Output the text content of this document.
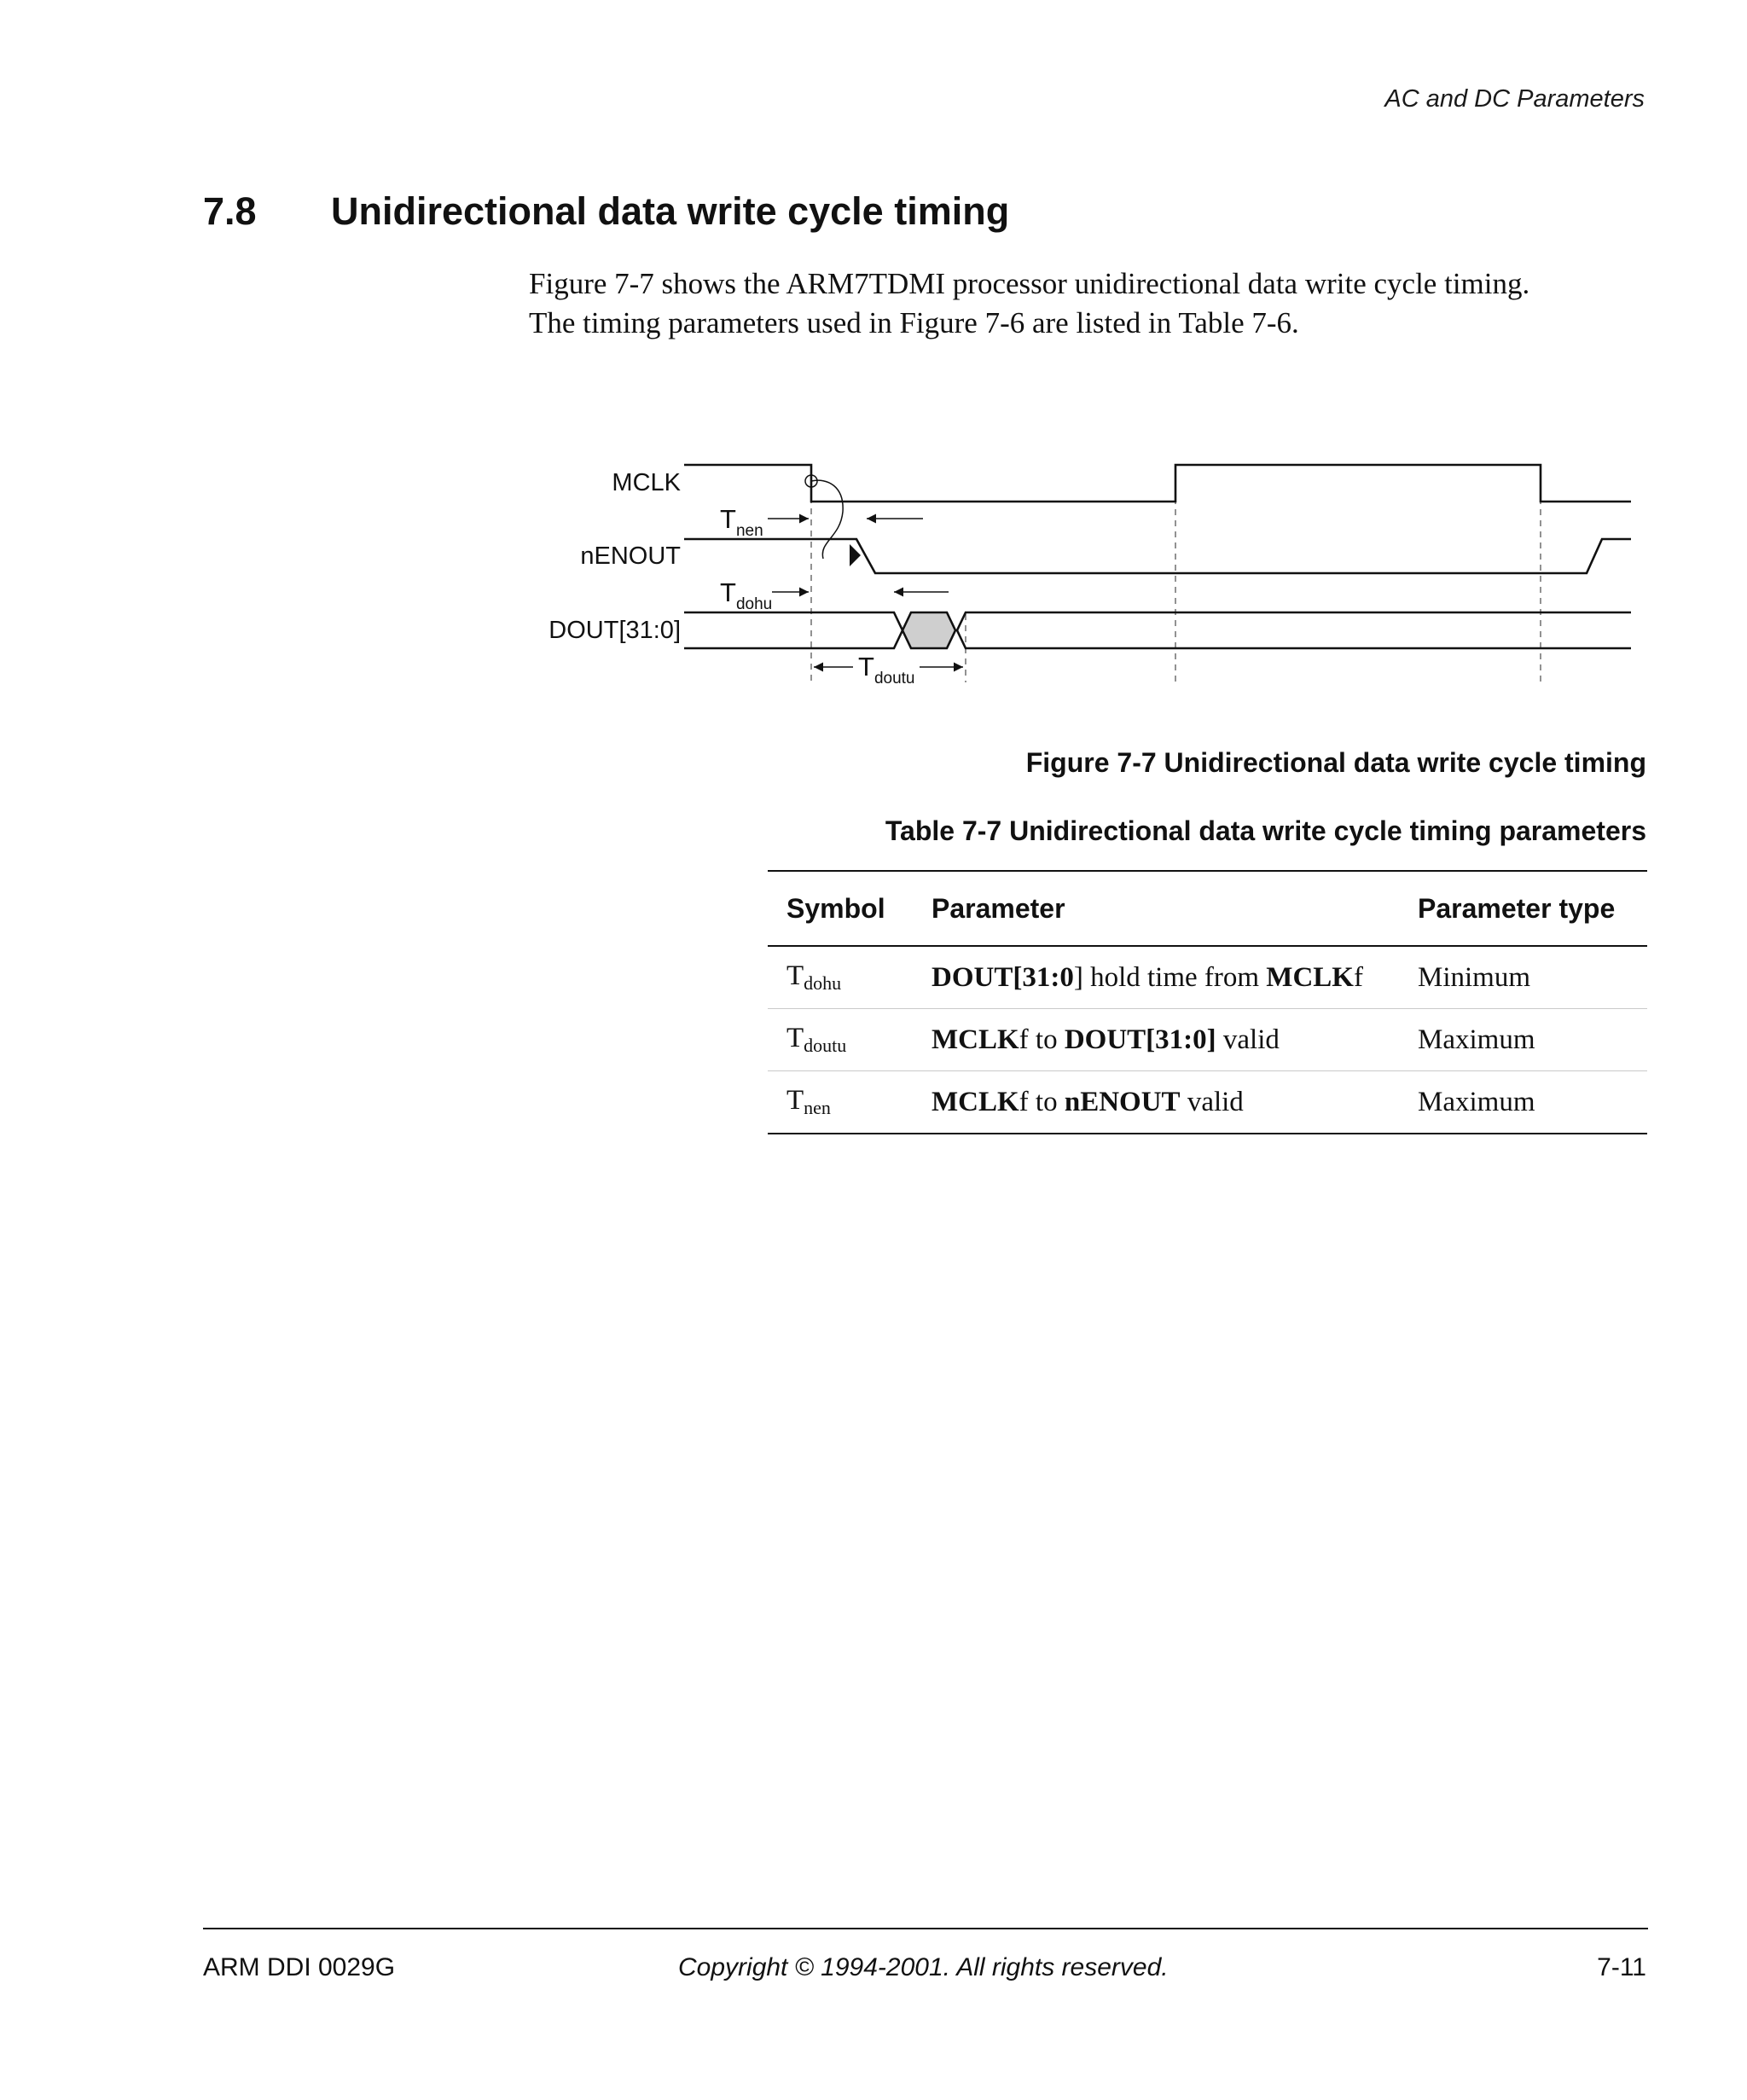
AC and DC Parameters
7.8 Unidirectional data write cycle timing

Figure 7-7 shows the ARM7TDMI processor unidirectional data write cycle timing.

The timing parameters used in Figure 7-6 are listed in Table 7-6.

MCLK
nENOUT
DOUT[31:0]
$T_{nen}$
$T_{dohu}$
$T_{doutu}$
Figure 7-7 Unidirectional data write cycle timing
Table 7-7 Unidirectional data write cycle timing parameters
Symbol	Parameter	Parameter type
$T_{dohu}$	DOUT[31:0] hold time from MCLKf	Minimum
$T_{doutu}$	MCLKf to DOUT[31:0] valid	Maximum
$T_{nen}$	MCLKf to nENOUT valid	Maximum
ARM DDI 0029G	Copyright © 1994-2001. All rights reserved.	7-11
